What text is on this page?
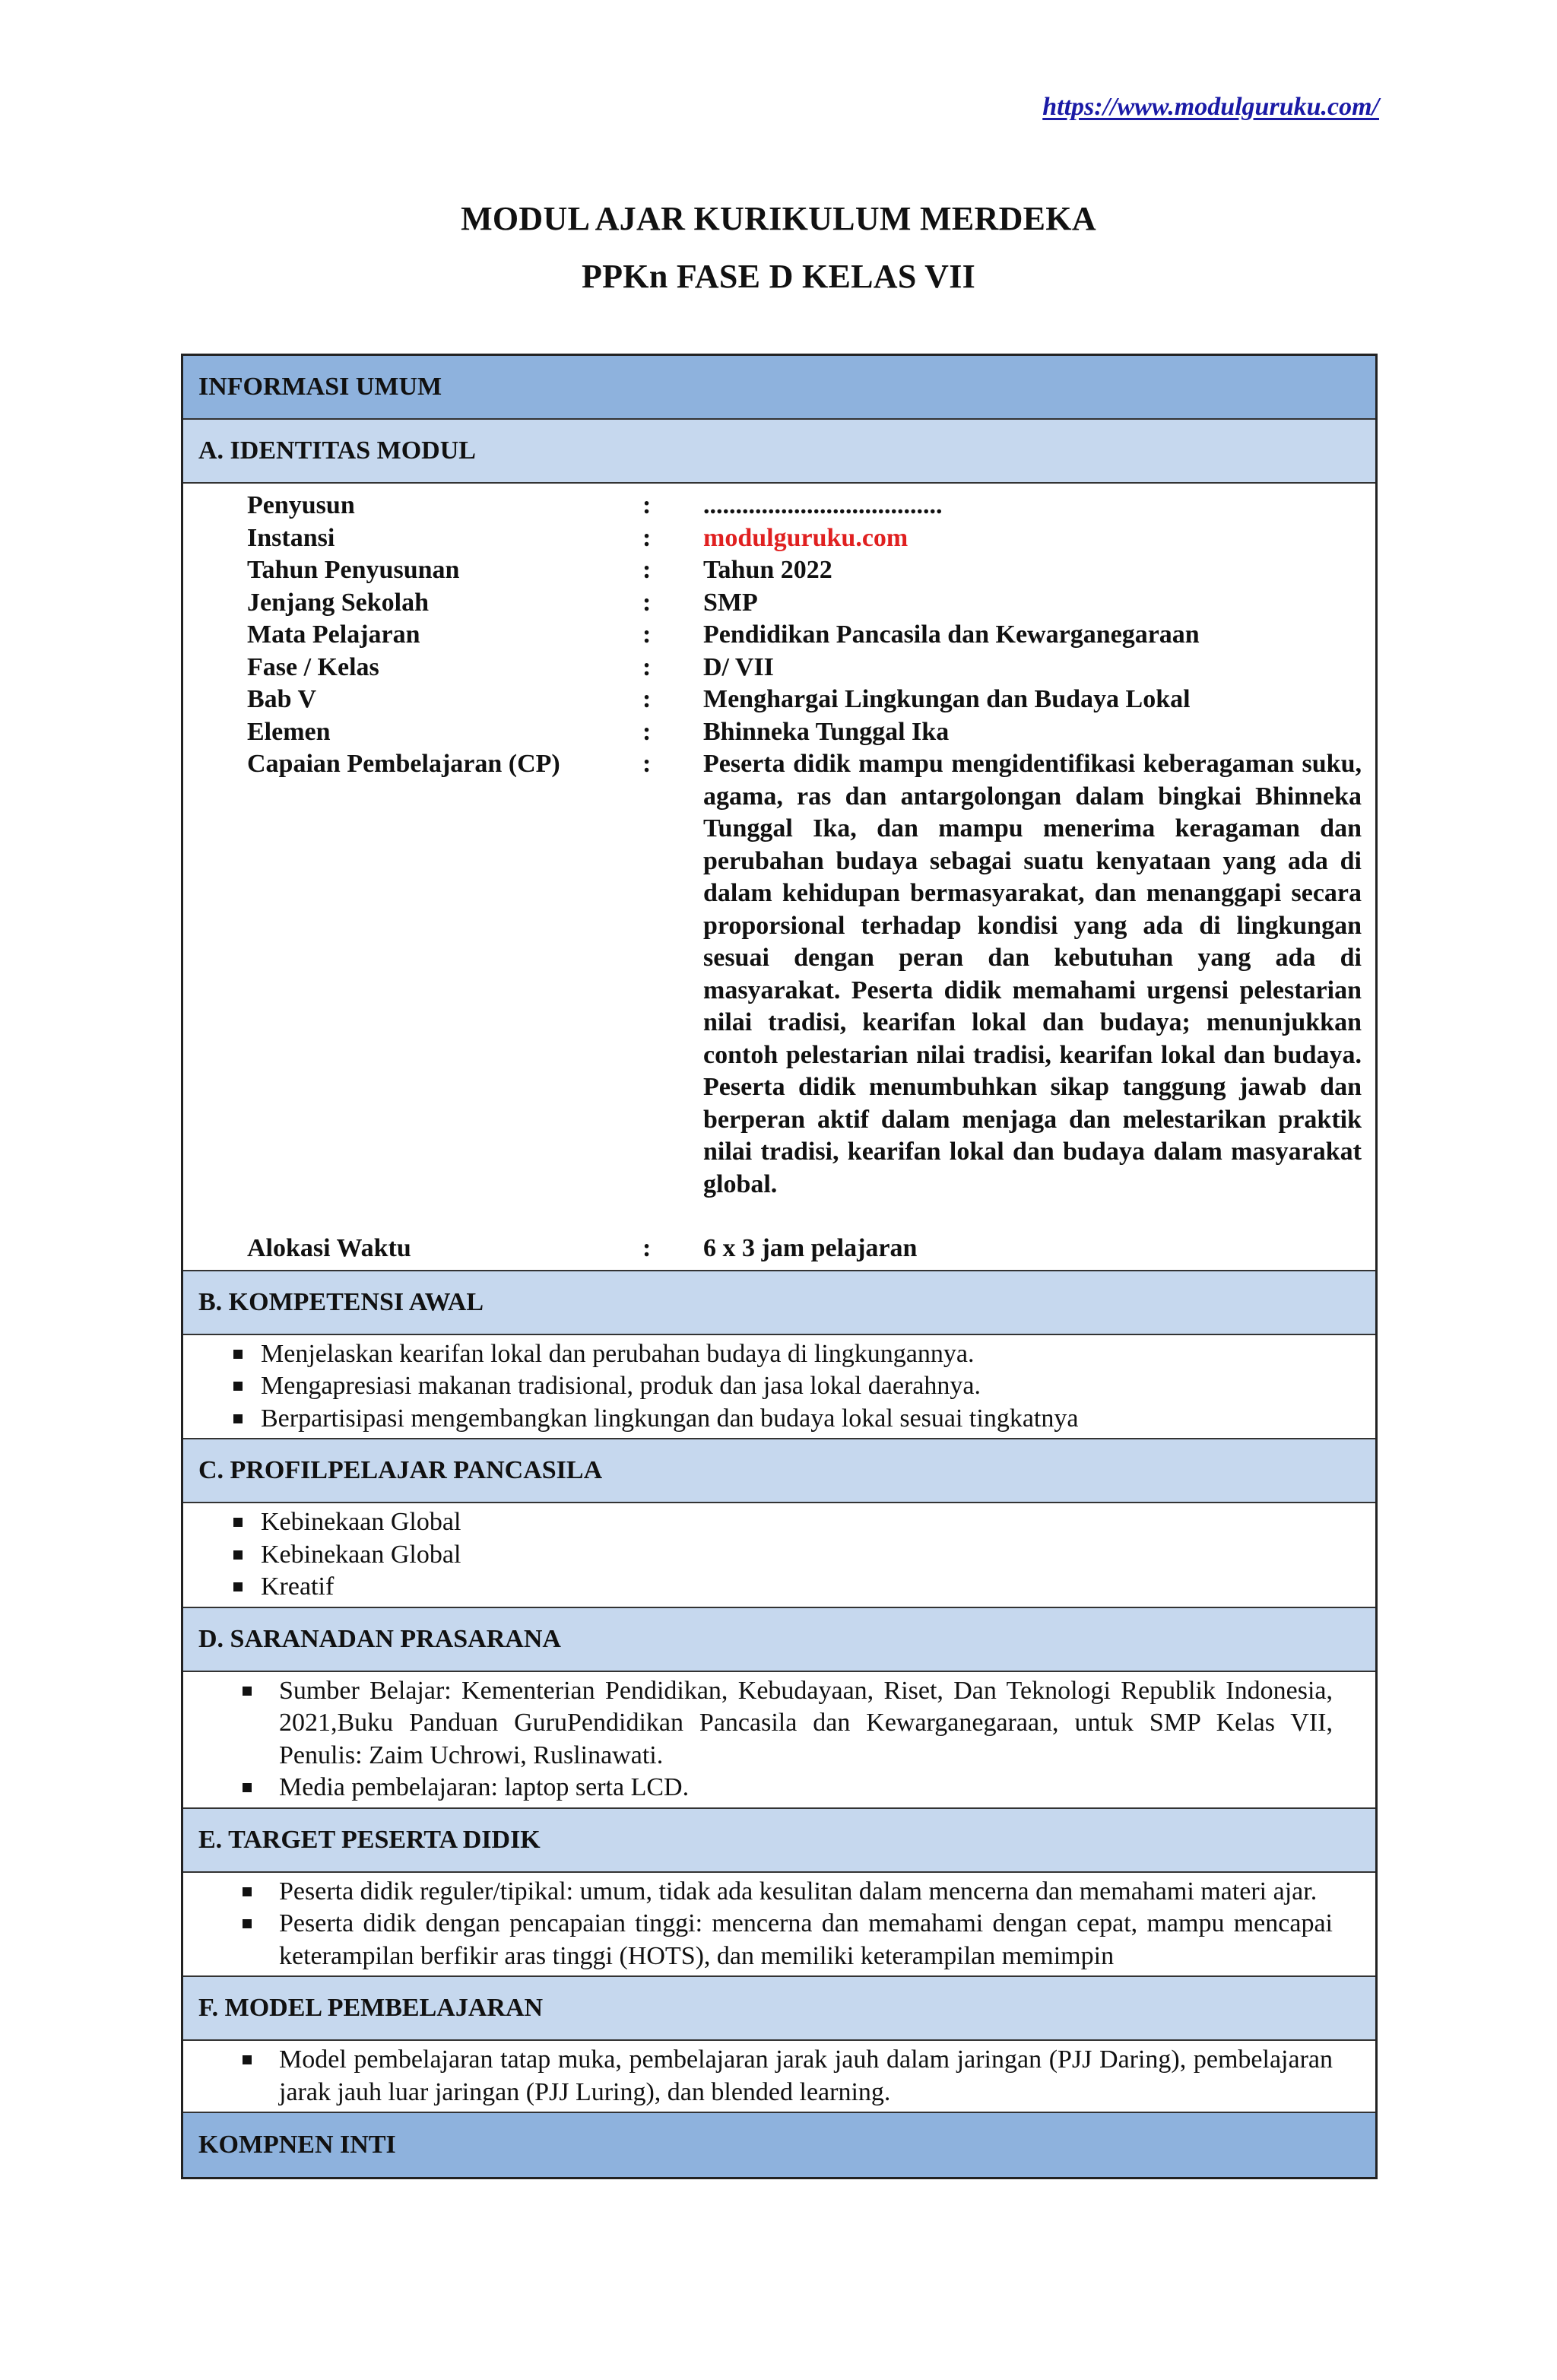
https://www.modulguruku.com/
MODUL AJAR KURIKULUM MERDEKA
PPKn FASE D KELAS VII
INFORMASI UMUM
A. IDENTITAS MODUL
Penyusun	:	.....................................
Instansi	:	modulguruku.com
Tahun Penyusunan	:	Tahun 2022
Jenjang Sekolah	:	SMP
Mata Pelajaran	:	Pendidikan Pancasila dan Kewarganegaraan
Fase / Kelas	:	D/ VII
Bab V	:	Menghargai Lingkungan dan Budaya Lokal
Elemen	:	Bhinneka Tunggal Ika
Capaian Pembelajaran (CP)	:	Peserta didik mampu mengidentifikasi keberagaman suku, agama, ras dan antargolongan dalam bingkai Bhinneka Tunggal Ika, dan mampu menerima keragaman dan perubahan budaya sebagai suatu kenyataan yang ada di dalam kehidupan bermasyarakat, dan menanggapi secara proporsional terhadap kondisi yang ada di lingkungan sesuai dengan peran dan kebutuhan yang ada di masyarakat. Peserta didik memahami urgensi pelestarian nilai tradisi, kearifan lokal dan budaya; menunjukkan contoh pelestarian nilai tradisi, kearifan lokal dan budaya. Peserta didik menumbuhkan sikap tanggung jawab dan berperan aktif dalam menjaga dan melestarikan praktik nilai tradisi, kearifan lokal dan budaya dalam masyarakat global.
Alokasi Waktu	:	6 x 3 jam pelajaran
B. KOMPETENSI AWAL
Menjelaskan kearifan lokal dan perubahan budaya di lingkungannya.
Mengapresiasi makanan tradisional, produk dan jasa lokal daerahnya.
Berpartisipasi mengembangkan lingkungan dan budaya lokal sesuai tingkatnya
C. PROFILPELAJAR PANCASILA
Kebinekaan Global
Kebinekaan Global
Kreatif
D. SARANADAN PRASARANA
Sumber Belajar: Kementerian Pendidikan, Kebudayaan, Riset, Dan Teknologi Republik Indonesia, 2021,Buku Panduan GuruPendidikan Pancasila dan Kewarganegaraan, untuk SMP Kelas VII, Penulis: Zaim Uchrowi, Ruslinawati.
Media pembelajaran: laptop serta LCD.
E. TARGET PESERTA DIDIK
Peserta didik reguler/tipikal: umum, tidak ada kesulitan dalam mencerna dan memahami materi ajar.
Peserta didik dengan pencapaian tinggi: mencerna dan memahami dengan cepat, mampu mencapai keterampilan berfikir aras tinggi (HOTS), dan memiliki keterampilan memimpin
F. MODEL PEMBELAJARAN
Model pembelajaran tatap muka, pembelajaran jarak jauh dalam jaringan (PJJ Daring), pembelajaran jarak jauh luar jaringan (PJJ Luring), dan blended learning.
KOMPNEN INTI
